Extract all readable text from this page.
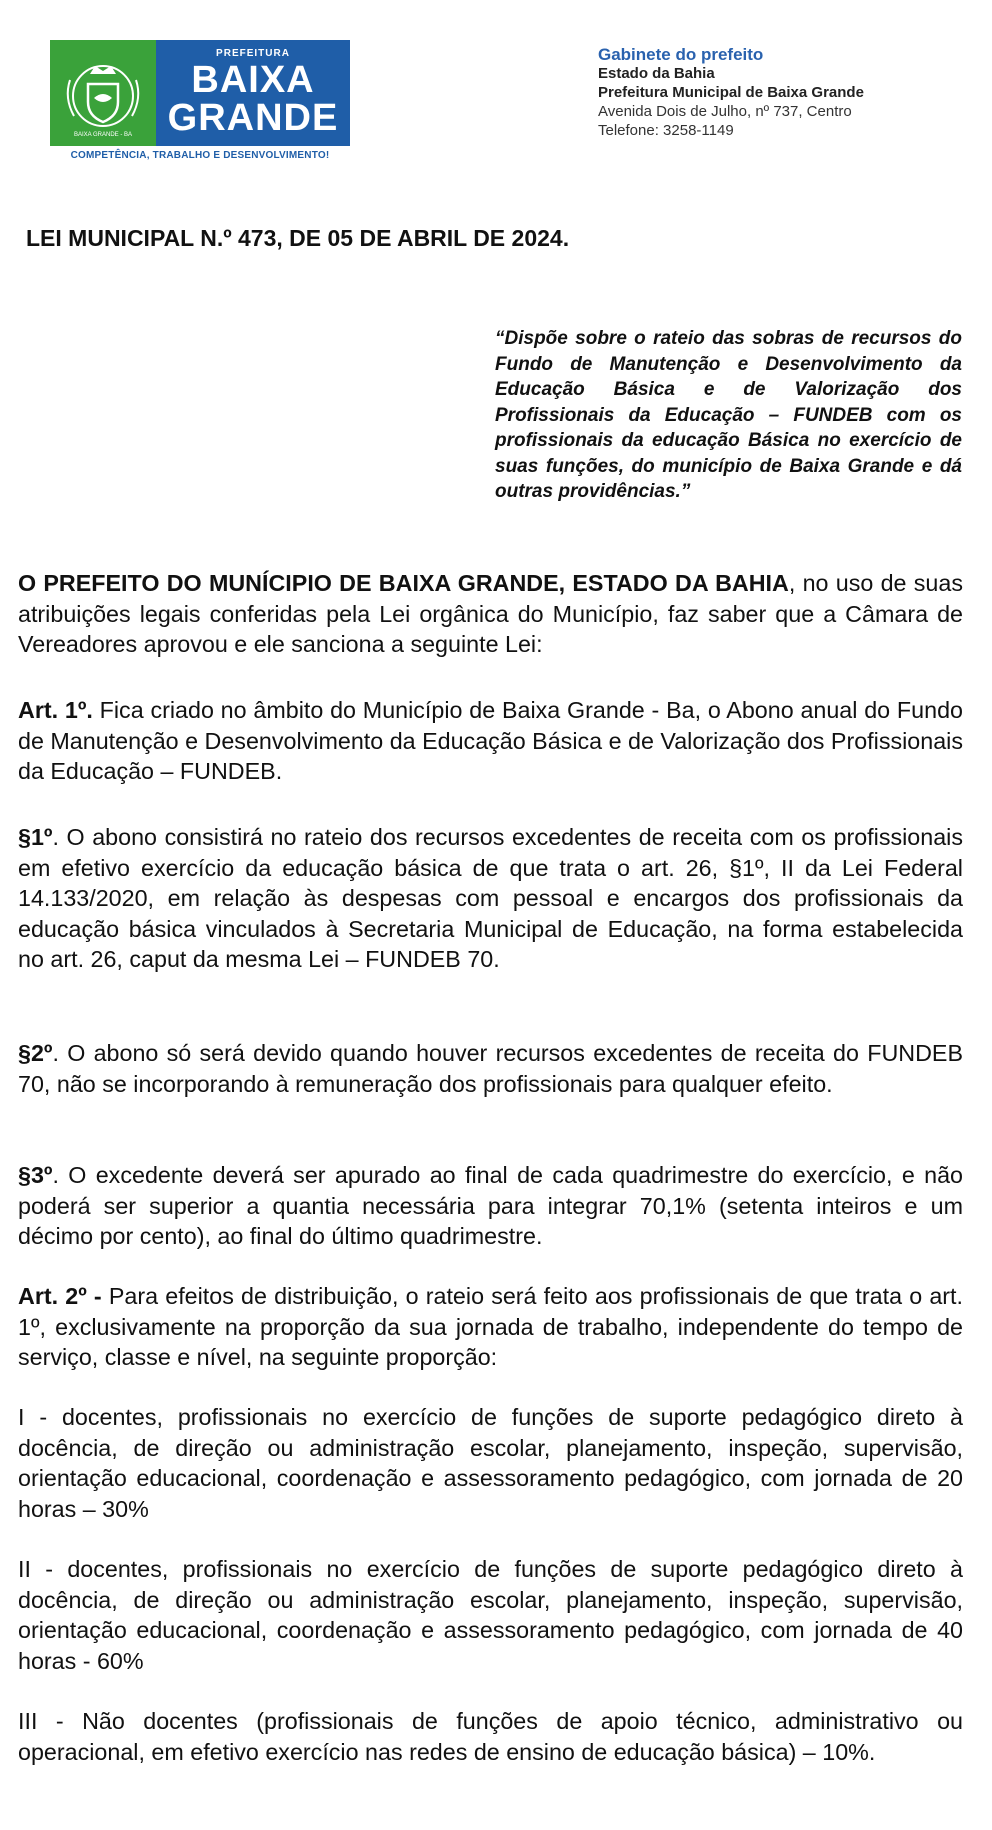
BAIXA GRANDE - BA
PREFEITURA
BAIXA
GRANDE
COMPETÊNCIA, TRABALHO E DESENVOLVIMENTO!
Gabinete do prefeito
Estado da Bahia
Prefeitura Municipal de Baixa Grande
Avenida Dois de Julho, nº 737, Centro
Telefone: 3258-1149
LEI MUNICIPAL N.º 473, DE 05 DE ABRIL DE 2024.
“Dispõe sobre o rateio das sobras de recursos do Fundo de Manutenção e Desenvolvimento da Educação Básica e de Valorização dos Profissionais da Educação – FUNDEB com os profissionais da educação Básica no exercício de suas funções, do município de Baixa Grande e dá outras providências.”
O PREFEITO DO MUNÍCIPIO DE BAIXA GRANDE, ESTADO DA BAHIA, no uso de suas atribuições legais conferidas pela Lei orgânica do Município, faz saber que a Câmara de Vereadores aprovou e ele sanciona a seguinte Lei:
Art. 1º. Fica criado no âmbito do Município de Baixa Grande - Ba, o Abono anual do Fundo de Manutenção e Desenvolvimento da Educação Básica e de Valorização dos Profissionais da Educação – FUNDEB.
§1º. O abono consistirá no rateio dos recursos excedentes de receita com os profissionais em efetivo exercício da educação básica de que trata o art. 26, §1º, II da Lei Federal 14.133/2020, em relação às despesas com pessoal e encargos dos profissionais da educação básica vinculados à Secretaria Municipal de Educação, na forma estabelecida no art. 26, caput da mesma Lei – FUNDEB 70.
§2º. O abono só será devido quando houver recursos excedentes de receita do FUNDEB 70, não se incorporando à remuneração dos profissionais para qualquer efeito.
§3º. O excedente deverá ser apurado ao final de cada quadrimestre do exercício, e não poderá ser superior a quantia necessária para integrar 70,1% (setenta inteiros e um décimo por cento), ao final do último quadrimestre.
Art. 2º - Para efeitos de distribuição, o rateio será feito aos profissionais de que trata o art. 1º, exclusivamente na proporção da sua jornada de trabalho, independente do tempo de serviço, classe e nível, na seguinte proporção:
I - docentes, profissionais no exercício de funções de suporte pedagógico direto à docência, de direção ou administração escolar, planejamento, inspeção, supervisão, orientação educacional, coordenação e assessoramento pedagógico, com jornada de 20 horas – 30%
II - docentes, profissionais no exercício de funções de suporte pedagógico direto à docência, de direção ou administração escolar, planejamento, inspeção, supervisão, orientação educacional, coordenação e assessoramento pedagógico, com jornada de 40 horas - 60%
III - Não docentes (profissionais de funções de apoio técnico, administrativo ou operacional, em efetivo exercício nas redes de ensino de educação básica) – 10%.
